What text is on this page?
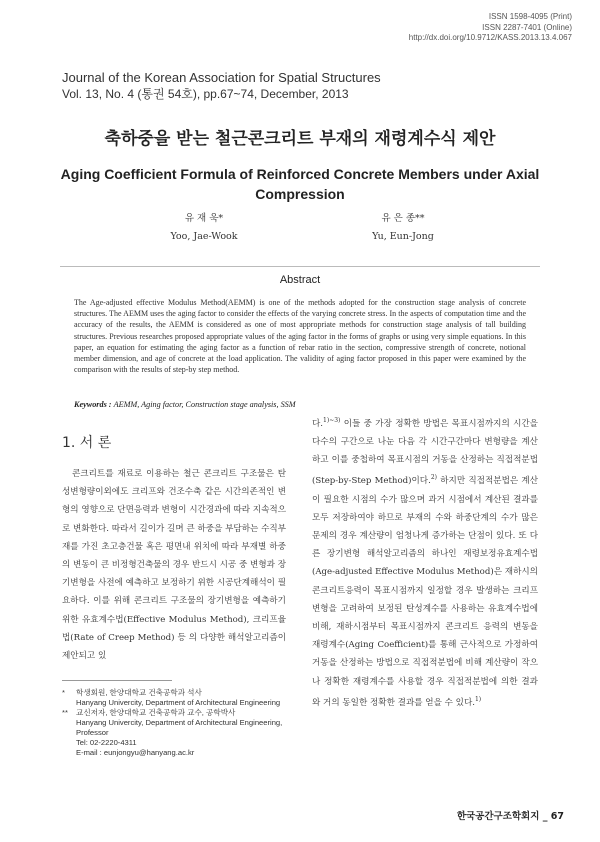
ISSN 1598-4095 (Print)
ISSN 2287-7401 (Online)
http://dx.doi.org/10.9712/KASS.2013.13.4.067
Journal of the Korean Association for Spatial Structures
Vol. 13, No. 4 (통권 54호), pp.67~74, December, 2013
축하중을 받는 철근콘크리트 부재의 재령계수식 제안
Aging Coefficient Formula of Reinforced Concrete Members under Axial Compression
유 재 욱*
Yoo, Jae-Wook
유 은 종**
Yu, Eun-Jong
Abstract
The Age-adjusted effective Modulus Method(AEMM) is one of the methods adopted for the construction stage analysis of concrete structures. The AEMM uses the aging factor to consider the effects of the varying concrete stress. In the aspects of computation time and the accuracy of the results, the AEMM is considered as one of most appropriate methods for construction stage analysis of tall building structures. Previous researches proposed appropriate values of the aging factor in the forms of graphs or using very simple equations. In this paper, an equation for estimating the aging factor as a function of rebar ratio in the section, compressive strength of concrete, notional member dimension, and age of concrete at the load application. The validity of aging factor proposed in this paper were examined by the comparison with the results of step-by step method.
Keywords : AEMM, Aging factor, Construction stage analysis, SSM
1. 서 론
콘크리트를 재료로 이용하는 철근 콘크리트 구조물은 탄성변형량이외에도 크리프와 건조수축 같은 시간의존적인 변형의 영향으로 단면응력과 변형이 시간경과에 따라 지속적으로 변화한다. 따라서 길이가 길며 큰 하중을 부담하는 수직부재를 가진 초고층건물 혹은 평면내 위치에 따라 부재별 하중의 변동이 큰 비정형건축물의 경우 반드시 시공 중 변형과 장기변형을 사전에 예측하고 보정하기 위한 시공단계해석이 필요하다. 이를 위해 콘크리트 구조물의 장기변형을 예측하기 위한 유효계수법(Effective Modulus Method), 크리프율법(Rate of Creep Method) 등 의 다양한 해석알고리즘이 제안되고 있
다.$^{1)\sim 3)}$ 이들 중 가장 정확한 방법은 목표시점까지의 시간을 다수의 구간으로 나눈 다음 각 시간구간마다 변형량을 계산하고 이를 중첩하여 목표시점의 거동을 산정하는 직접적분법(Step-by-Step Method)이다.$^{2)}$ 하지만 직접적분법은 계산이 필요한 시점의 수가 많으며 과거 시점에서 계산된 결과를 모두 저장하여야 하므로 부재의 수와 하중단계의 수가 많은 문제의 경우 계산량이 엄청나게 증가하는 단점이 있다. 또 다른 장기변형 해석알고리즘의 하나인 재령보정유효계수법(Age-adjusted Effective Modulus Method)은 재하시의 콘크리트응력이 목표시점까지 일정할 경우 발생하는 크리프변형을 고려하여 보정된 탄성계수를 사용하는 유효계수법에 비해, 재하시점부터 목표시점까지 콘크리트 응력의 변동을 재령계수(Aging Coefficient)를 통해 근사적으로 가정하여 거동을 산정하는 방법으로 직접적분법에 비해 계산량이 작으나 정확한 재령계수를 사용할 경우 직접적분법에 의한 결과와 거의 동일한 정확한 결과를 얻을 수 있다.$^{1)}$
* 학생회원, 한양대학교 건축공학과 석사
Hanyang Univercity, Department of Architectural Engineering
** 교신저자, 한양대학교 건축공학과 교수, 공학박사
Hanyang Univercity, Department of Architectural Engineering, Professor
Tel: 02-2220-4311
E-mail : eunjongyu@hanyang.ac.kr
한국공간구조학회지 _ 67
